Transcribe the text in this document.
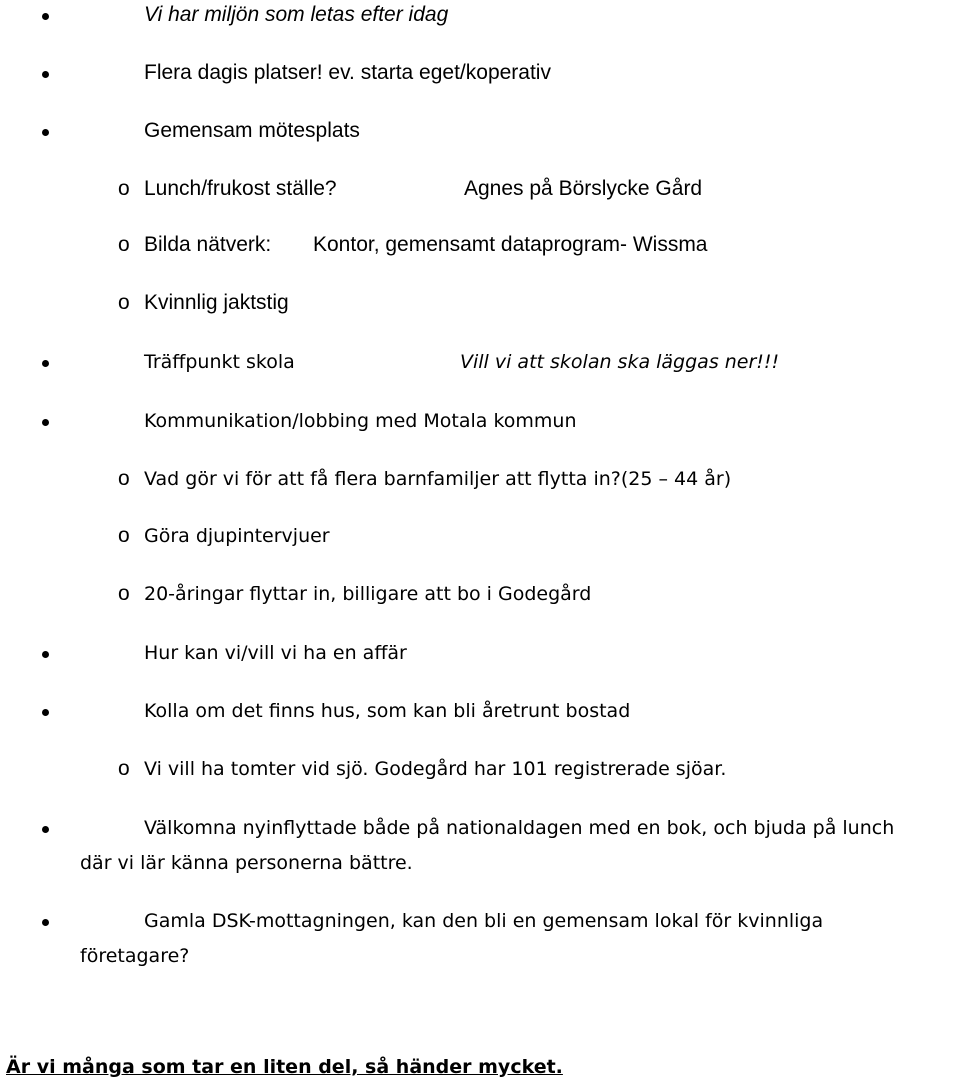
Vi har miljön som letas efter idag
Flera dagis platser! ev. starta eget/koperativ
Gemensam mötesplats
o Lunch/frukost ställe?	Agnes på Börslycke Gård
o Bilda nätverk: Kontor, gemensamt dataprogram- Wissma
o Kvinnlig jaktstig
Träffpunkt skola	Vill vi att skolan ska läggas ner!!!
Kommunikation/lobbing med Motala kommun
o Vad gör vi för att få flera barnfamiljer att flytta in?(25 – 44 år)
o Göra djupintervjuer
o 20-åringar flyttar in, billigare att bo i Godegård
Hur kan vi/vill vi ha en affär
Kolla om det finns hus, som kan bli åretrunt bostad
o Vi vill ha tomter vid sjö. Godegård har 101 registrerade sjöar.
Välkomna nyinflyttade både på nationaldagen med en bok, och bjuda på lunch
där vi lär känna personerna bättre.
Gamla DSK-mottagningen, kan den bli en gemensam lokal för kvinnliga
företagare?
Är vi många som tar en liten del, så händer mycket.
